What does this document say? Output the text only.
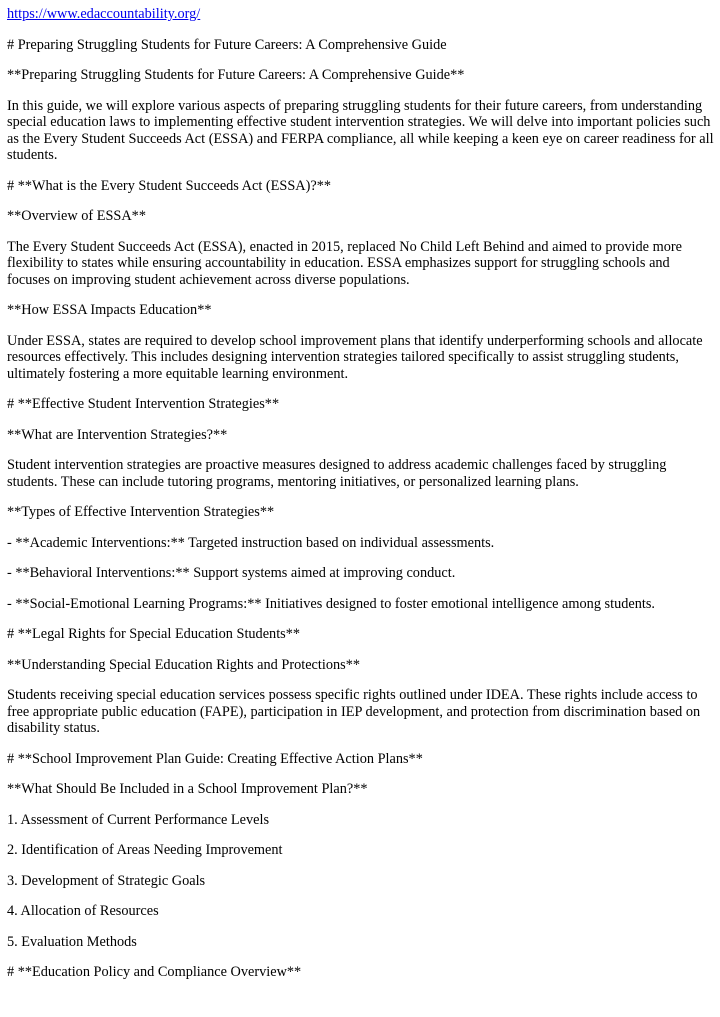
https://www.edaccountability.org/

# Preparing Struggling Students for Future Careers: A Comprehensive Guide

**Preparing Struggling Students for Future Careers: A Comprehensive Guide**

In this guide, we will explore various aspects of preparing struggling students for their future careers, from understanding special education laws to implementing effective student intervention strategies. We will delve into important policies such as the Every Student Succeeds Act (ESSA) and FERPA compliance, all while keeping a keen eye on career readiness for all students.

# **What is the Every Student Succeeds Act (ESSA)?**

**Overview of ESSA**

The Every Student Succeeds Act (ESSA), enacted in 2015, replaced No Child Left Behind and aimed to provide more flexibility to states while ensuring accountability in education. ESSA emphasizes support for struggling schools and focuses on improving student achievement across diverse populations.

**How ESSA Impacts Education**

Under ESSA, states are required to develop school improvement plans that identify underperforming schools and allocate resources effectively. This includes designing intervention strategies tailored specifically to assist struggling students, ultimately fostering a more equitable learning environment.

# **Effective Student Intervention Strategies**

**What are Intervention Strategies?**

Student intervention strategies are proactive measures designed to address academic challenges faced by struggling students. These can include tutoring programs, mentoring initiatives, or personalized learning plans.

**Types of Effective Intervention Strategies**

- **Academic Interventions:** Targeted instruction based on individual assessments.

- **Behavioral Interventions:** Support systems aimed at improving conduct.

- **Social-Emotional Learning Programs:** Initiatives designed to foster emotional intelligence among students.

# **Legal Rights for Special Education Students**

**Understanding Special Education Rights and Protections**

Students receiving special education services possess specific rights outlined under IDEA. These rights include access to free appropriate public education (FAPE), participation in IEP development, and protection from discrimination based on disability status.

# **School Improvement Plan Guide: Creating Effective Action Plans**

**What Should Be Included in a School Improvement Plan?**

1. Assessment of Current Performance Levels

2. Identification of Areas Needing Improvement

3. Development of Strategic Goals

4. Allocation of Resources

5. Evaluation Methods

# **Education Policy and Compliance Overview**
